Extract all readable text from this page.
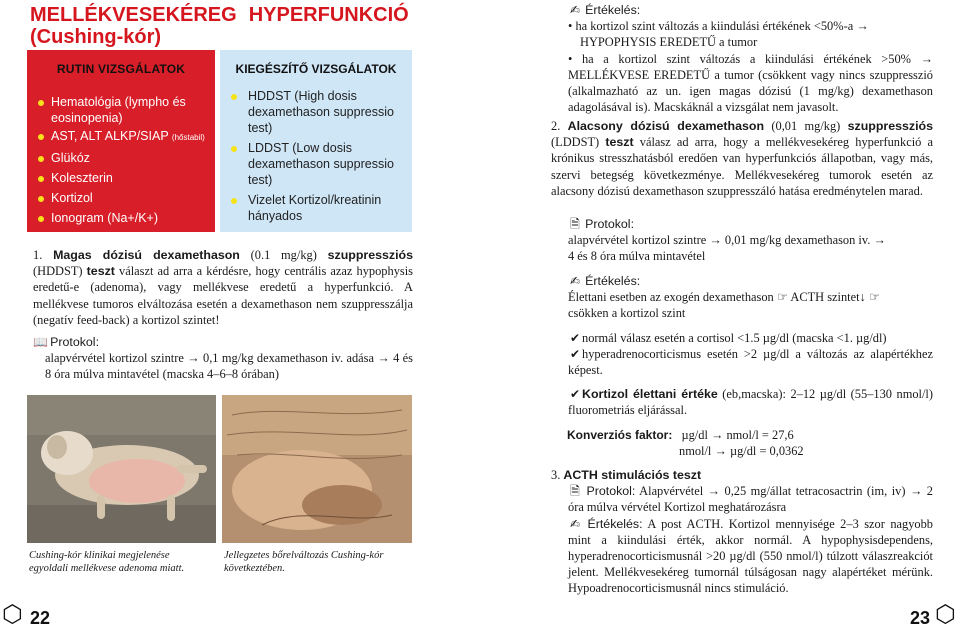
MELLÉKVESEKÉREG HYPERFUNKCIÓ
(Cushing-kór)
RUTIN VIZSGÁLATOK
Hematológia (lympho és eosinopenia)
AST, ALT ALKP/SIAP (hőstabil)
Glükóz
Koleszterin
Kortizol
Ionogram (Na+/K+)
KIEGÉSZÍTŐ VIZSGÁLATOK
HDDST (High dosis dexamethason suppressio test)
LDDST (Low dosis dexamethason suppressio test)
Vizelet Kortizol/kreatinin hányados
1. Magas dózisú dexamethason (0.1 mg/kg) szuppressziós (HDDST) teszt választ ad arra a kérdésre, hogy centrális azaz hypophysis eredetű-e (adenoma), vagy mellékvese eredetű a hyperfunkció. A mellékvese tumoros elváltozása esetén a dexamethason nem szuppresszálja (negatív feed-back) a kortizol szintet!
📖 Protokol:
alapvérvétel kortizol szintre → 0,1 mg/kg dexamethason iv. adása → 4 és 8 óra múlva mintavétel (macska 4–6–8 órában)
Cushing-kór klinikai megjelenése egyoldali mellékvese adenoma miatt.
Jellegzetes bőrelváltozás Cushing-kór következtében.
⬡ 22
✍ Értékelés:
• ha kortizol szint változás a kiindulási értékének <50%-a →
HYPOPHYSIS EREDETŰ a tumor
• ha a kortizol szint változás a kiindulási értékének >50% → MELLÉKVESE EREDETŰ a tumor (csökkent vagy nincs szuppresszió (alkalmazható az un. igen magas dózisú (1 mg/kg) dexamethason adagolásával is). Macskáknál a vizsgálat nem javasolt.
2. Alacsony dózisú dexamethason (0,01 mg/kg) szuppressziós (LDDST) teszt válasz ad arra, hogy a mellékvesekéreg hyperfunkció a krónikus stresszhatásból eredően van hyperfunkciós állapotban, vagy más, szervi betegség következménye. Mellékvesekéreg tumorok esetén az alacsony dózisú dexamethason szuppresszáló hatása eredménytelen marad.
🗎 Protokol:
alapvérvétel kortizol szintre → 0,01 mg/kg dexamethason iv. →
4 és 8 óra múlva mintavétel
✍ Értékelés:
Élettani esetben az exogén dexamethason ☞ ACTH szintet↓ ☞
csökken a kortizol szint
✔ normál válasz esetén a cortisol <1.5 µg/dl (macska <1. µg/dl)
✔ hyperadrenocorticismus esetén >2 µg/dl a változás az alapértékhez képest.
✔ Kortizol élettani értéke (eb,macska): 2–12 µg/dl (55–130 nmol/l) fluorometriás eljárással.
Konverziós faktor: µg/dl → nmol/l = 27,6
nmol/l → µg/dl = 0,0362
3. ACTH stimulációs teszt
🗎 Protokol: Alapvérvétel → 0,25 mg/állat tetracosactrin (im, iv) → 2 óra múlva vérvétel Kortizol meghatározásra
✍ Értékelés: A post ACTH. Kortizol mennyisége 2–3 szor nagyobb mint a kiindulási érték, akkor normál. A hypophysisdependens, hyperadrenocorticismusnál >20 µg/dl (550 nmol/l) túlzott válaszreakciót jelent. Mellékvesekéreg tumornál túlságosan nagy alapértéket mérünk. Hypoadrenocorticismusnál nincs stimuláció.
23 ⬡
